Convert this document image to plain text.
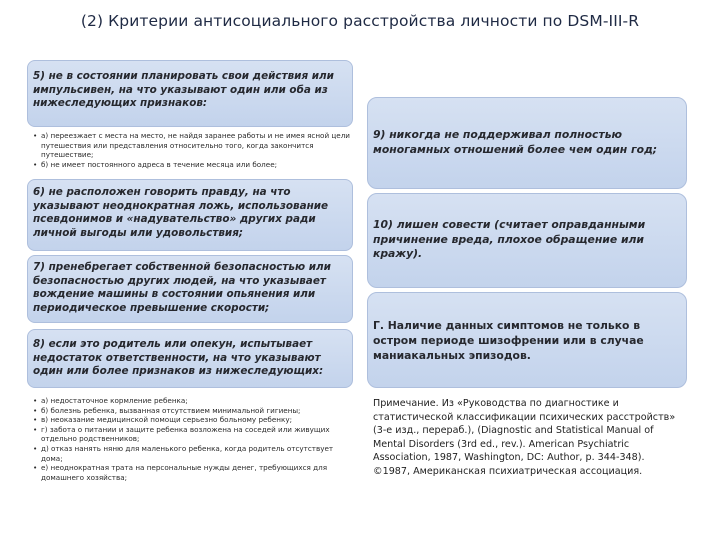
(2) Критерии антисоциального расстройства личности по DSM-III-R
5) не в состоянии планировать свои действия или импульсивен, на что указывают один или оба из нижеследующих признаков:
• а) переезжает с места на место, не найдя заранее работы и не имея ясной цели путешествия или представления относительно того, когда закончится путешествие;
• б) не имеет постоянного адреса в течение месяца или более;
6) не расположен говорить правду, на что указывают неоднократная ложь, использование псевдонимов и «надувательство» других ради личной выгоды или удовольствия;
7) пренебрегает собственной безопасностью или безопасностью других людей, на что указывает вождение машины в состоянии опьянения или периодическое превышение скорости;
8) если это родитель или опекун, испытывает недостаток ответственности, на что указывают один или более признаков из нижеследующих:
• а) недостаточное кормление ребенка;
• б) болезнь ребенка, вызванная отсутствием минимальной гигиены;
• в) неоказание медицинской помощи серьезно больному ребенку;
• г) забота о питании и защите ребенка возложена на соседей или живущих отдельно родственников;
• д) отказ нанять няню для маленького ребенка, когда родитель отсутствует дома;
• е) неоднократная трата на персональные нужды денег, требующихся для домашнего хозяйства;
9) никогда не поддерживал полностью моногамных отношений более чем один год;
10) лишен совести (считает оправданными причинение вреда, плохое обращение или кражу).
Г. Наличие данных симптомов не только в остром периоде шизофрении или в случае маниакальных эпизодов.
Примечание. Из «Руководства по диагностике и статистической классификации психических расстройств» (3-е изд., перераб.), (Diagnostic and Statistical Manual of Mental Disorders (3rd ed., rev.). American Psychiatric Association, 1987, Washington, DC: Author, p. 344-348). ©1987, Американская психиатрическая ассоциация.
